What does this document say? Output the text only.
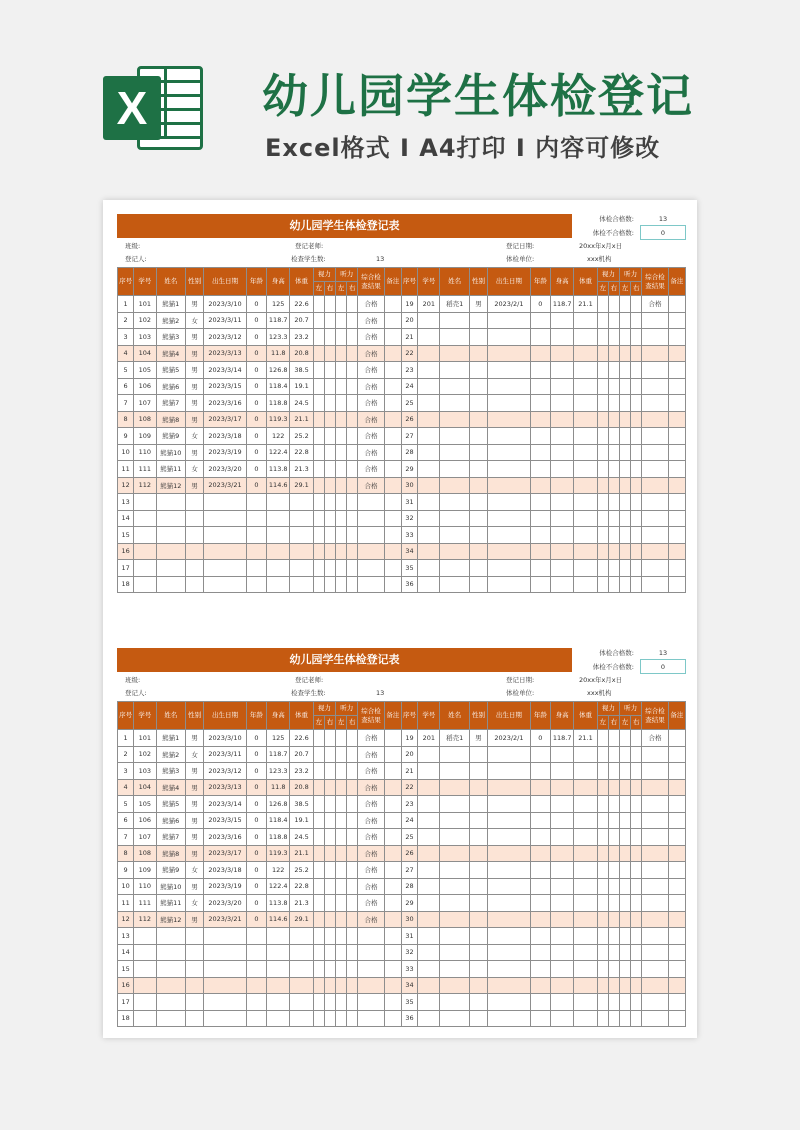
X 幼儿园学生体检登记
Excel格式 I A4打印 I 内容可修改
幼儿园学生体检登记表	体检合格数:	13
体检不合格数:	0
班级:	登记老师:	登记日期:	20xx年x月x日
登记人:	检查学生数:	13	体检单位:	xxx机构
序号	学号	姓名	性别	出生日期	年龄	身高	体重	视力		听力		综合检查结果	备注	序号	学号	姓名	性别	出生日期	年龄	身高	体重	视力		听力		综合检查结果	备注
								左	右	左	右											左	右	左	右		
1	101	熊猫1	男	2023/3/10	0	125	22.6					合格		19	201	稻壳1	男	2023/2/1	0	118.7	21.1					合格	
2	102	熊猫2	女	2023/3/11	0	118.7	20.7					合格		20													
3	103	熊猫3	男	2023/3/12	0	123.3	23.2					合格		21													
4	104	熊猫4	男	2023/3/13	0	11.8	20.8					合格		22													
5	105	熊猫5	男	2023/3/14	0	126.8	38.5					合格		23													
6	106	熊猫6	男	2023/3/15	0	118.4	19.1					合格		24													
7	107	熊猫7	男	2023/3/16	0	118.8	24.5					合格		25													
8	108	熊猫8	男	2023/3/17	0	119.3	21.1					合格		26													
9	109	熊猫9	女	2023/3/18	0	122	25.2					合格		27													
10	110	熊猫10	男	2023/3/19	0	122.4	22.8					合格		28													
11	111	熊猫11	女	2023/3/20	0	113.8	21.3					合格		29													
12	112	熊猫12	男	2023/3/21	0	114.6	29.1					合格		30													
13														31													
14														32													
15														33													
16														34													
17														35													
18														36													
幼儿园学生体检登记表	体检合格数:	13
体检不合格数:	0
班级:	登记老师:	登记日期:	20xx年x月x日
登记人:	检查学生数:	13	体检单位:	xxx机构
序号	学号	姓名	性别	出生日期	年龄	身高	体重	视力		听力		综合检查结果	备注	序号	学号	姓名	性别	出生日期	年龄	身高	体重	视力		听力		综合检查结果	备注
								左	右	左	右											左	右	左	右		
1	101	熊猫1	男	2023/3/10	0	125	22.6					合格		19	201	稻壳1	男	2023/2/1	0	118.7	21.1					合格	
2	102	熊猫2	女	2023/3/11	0	118.7	20.7					合格		20													
3	103	熊猫3	男	2023/3/12	0	123.3	23.2					合格		21													
4	104	熊猫4	男	2023/3/13	0	11.8	20.8					合格		22													
5	105	熊猫5	男	2023/3/14	0	126.8	38.5					合格		23													
6	106	熊猫6	男	2023/3/15	0	118.4	19.1					合格		24													
7	107	熊猫7	男	2023/3/16	0	118.8	24.5					合格		25													
8	108	熊猫8	男	2023/3/17	0	119.3	21.1					合格		26													
9	109	熊猫9	女	2023/3/18	0	122	25.2					合格		27													
10	110	熊猫10	男	2023/3/19	0	122.4	22.8					合格		28													
11	111	熊猫11	女	2023/3/20	0	113.8	21.3					合格		29													
12	112	熊猫12	男	2023/3/21	0	114.6	29.1					合格		30													
13														31													
14														32													
15														33													
16														34													
17														35													
18														36													
